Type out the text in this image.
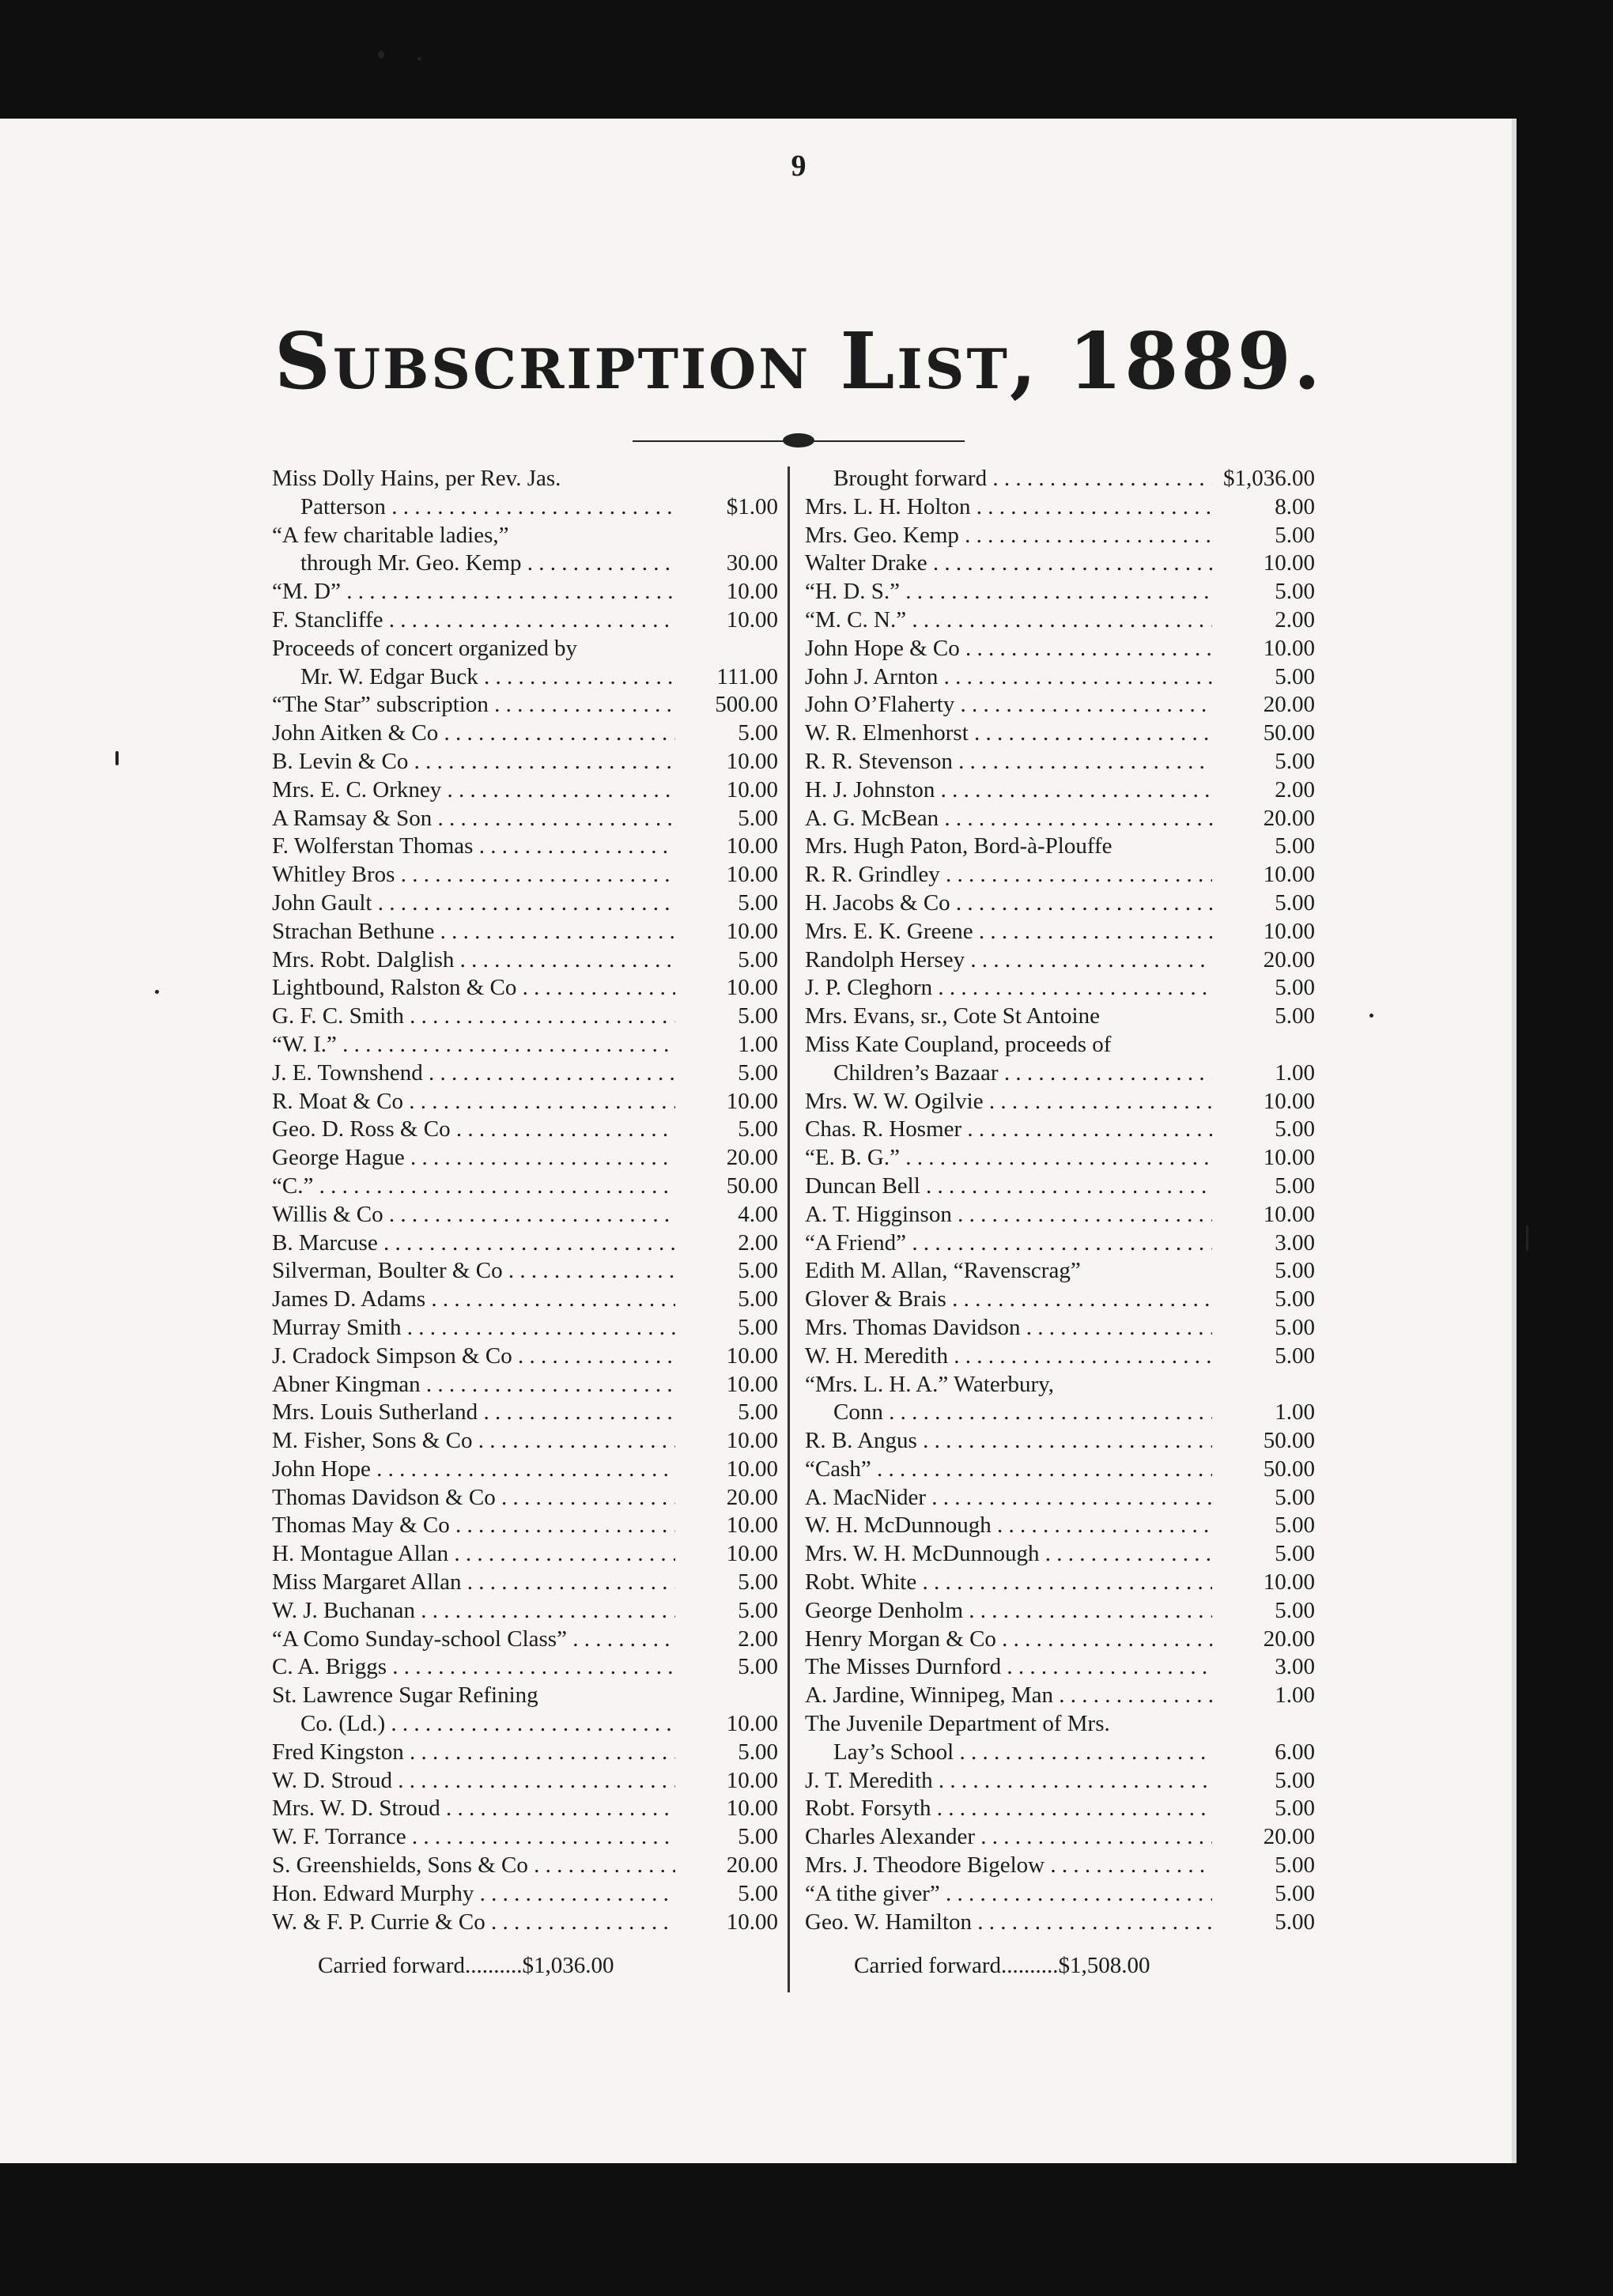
9
Subscription List, 1889.
Miss Dolly Hains, per Rev. Jas.
Patterson . . .	$1.00
“A few charitable ladies,”
through Mr. Geo. Kemp . . .	30.00
“M. D” . . .	10.00
F. Stancliffe . . .	10.00
Proceeds of concert organized by
Mr. W. Edgar Buck . . .	111.00
“The Star” subscription . . .	500.00
John Aitken & Co . . .	5.00
B. Levin & Co . . .	10.00
Mrs. E. C. Orkney . . .	10.00
A Ramsay & Son . . .	5.00
F. Wolferstan Thomas . . .	10.00
Whitley Bros . . .	10.00
John Gault . . .	5.00
Strachan Bethune . . .	10.00
Mrs. Robt. Dalglish . . .	5.00
Lightbound, Ralston & Co . . .	10.00
G. F. C. Smith . . .	5.00
“W. I.” . . .	1.00
J. E. Townshend . . .	5.00
R. Moat & Co . . .	10.00
Geo. D. Ross & Co . . .	5.00
George Hague . . .	20.00
“C.” . . .	50.00
Willis & Co . . .	4.00
B. Marcuse . . .	2.00
Silverman, Boulter & Co . . .	5.00
James D. Adams . . .	5.00
Murray Smith . . .	5.00
J. Cradock Simpson & Co . . .	10.00
Abner Kingman . . .	10.00
Mrs. Louis Sutherland . . .	5.00
M. Fisher, Sons & Co . . .	10.00
John Hope . . .	10.00
Thomas Davidson & Co . . .	20.00
Thomas May & Co . . .	10.00
H. Montague Allan . . .	10.00
Miss Margaret Allan . . .	5.00
W. J. Buchanan . . .	5.00
“A Como Sunday-school Class” . . .	2.00
C. A. Briggs . . .	5.00
St. Lawrence Sugar Refining
Co. (Ld.) . . .	10.00
Fred Kingston . . .	5.00
W. D. Stroud . . .	10.00
Mrs. W. D. Stroud . . .	10.00
W. F. Torrance . . .	5.00
S. Greenshields, Sons & Co . . .	20.00
Hon. Edward Murphy . . .	5.00
W. & F. P. Currie & Co . . .	10.00
Brought forward . . .	$1,036.00
Mrs. L. H. Holton . . .	8.00
Mrs. Geo. Kemp . . .	5.00
Walter Drake . . .	10.00
“H. D. S.” . . .	5.00
“M. C. N.” . . .	2.00
John Hope & Co . . .	10.00
John J. Arnton . . .	5.00
John O’Flaherty . . .	20.00
W. R. Elmenhorst . . .	50.00
R. R. Stevenson . . .	5.00
H. J. Johnston . . .	2.00
A. G. McBean . . .	20.00
Mrs. Hugh Paton, Bord-à-Plouffe	5.00
R. R. Grindley . . .	10.00
H. Jacobs & Co . . .	5.00
Mrs. E. K. Greene . . .	10.00
Randolph Hersey . . .	20.00
J. P. Cleghorn . . .	5.00
Mrs. Evans, sr., Cote St Antoine	5.00
Miss Kate Coupland, proceeds of
Children’s Bazaar . . .	1.00
Mrs. W. W. Ogilvie . . .	10.00
Chas. R. Hosmer . . .	5.00
“E. B. G.” . . .	10.00
Duncan Bell . . .	5.00
A. T. Higginson . . .	10.00
“A Friend” . . .	3.00
Edith M. Allan, “Ravenscrag”	5.00
Glover & Brais . . .	5.00
Mrs. Thomas Davidson . . .	5.00
W. H. Meredith . . .	5.00
“Mrs. L. H. A.” Waterbury,
Conn . . .	1.00
R. B. Angus . . .	50.00
“Cash” . . .	50.00
A. MacNider . . .	5.00
W. H. McDunnough . . .	5.00
Mrs. W. H. McDunnough . . .	5.00
Robt. White . . .	10.00
George Denholm . . .	5.00
Henry Morgan & Co . . .	20.00
The Misses Durnford . . .	3.00
A. Jardine, Winnipeg, Man . . .	1.00
The Juvenile Department of Mrs.
Lay’s School . . .	6.00
J. T. Meredith . . .	5.00
Robt. Forsyth . . .	5.00
Charles Alexander . . .	20.00
Mrs. J. Theodore Bigelow . . .	5.00
“A tithe giver” . . .	5.00
Geo. W. Hamilton . . .	5.00
Carried forward..........$1,036.00	Carried forward..........$1,508.00
